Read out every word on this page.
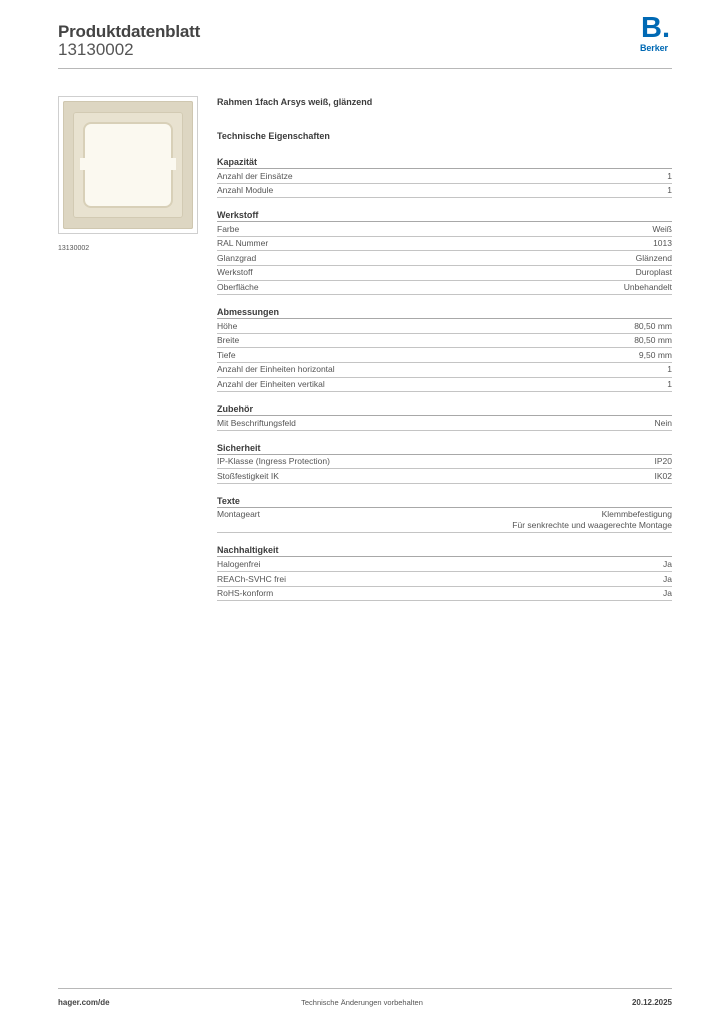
Produktdatenblatt
13130002
B.
Berker
13130002
Rahmen 1fach Arsys weiß, glänzend
Technische Eigenschaften
Kapazität
Anzahl der Einsätze	1
Anzahl Module	1
Werkstoff
Farbe	Weiß
RAL Nummer	1013
Glanzgrad	Glänzend
Werkstoff	Duroplast
Oberfläche	Unbehandelt
Abmessungen
Höhe	80,50 mm
Breite	80,50 mm
Tiefe	9,50 mm
Anzahl der Einheiten horizontal	1
Anzahl der Einheiten vertikal	1
Zubehör
Mit Beschriftungsfeld	Nein
Sicherheit
IP-Klasse (Ingress Protection)	IP20
Stoßfestigkeit IK	IK02
Texte
Montageart	Klemmbefestigung
Für senkrechte und waagerechte Montage
Nachhaltigkeit
Halogenfrei	Ja
REACh-SVHC frei	Ja
RoHS-konform	Ja
hager.com/de	Technische Änderungen vorbehalten	20.12.2025
